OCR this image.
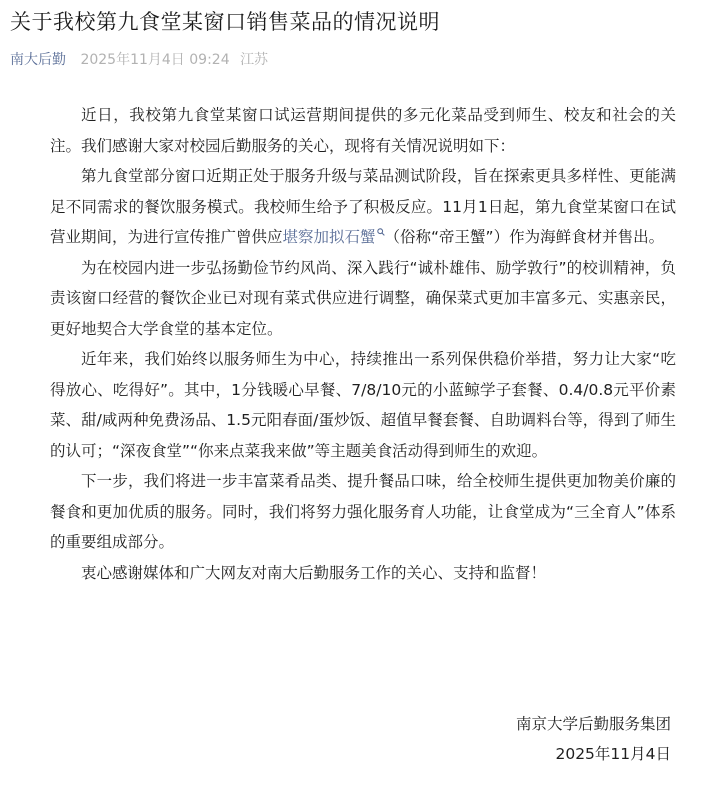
关于我校第九食堂某窗口销售菜品的情况说明
南大后勤 2025年11月4日 09:24 江苏

近日，我校第九食堂某窗口试运营期间提供的多元化菜品受到师生、校友和社会的关注。我们感谢大家对校园后勤服务的关心，现将有关情况说明如下：

第九食堂部分窗口近期正处于服务升级与菜品测试阶段，旨在探索更具多样性、更能满足不同需求的餐饮服务模式。我校师生给予了积极反应。11月1日起，第九食堂某窗口在试营业期间，为进行宣传推广曾供应堪察加拟石蟹 （俗称“帝王蟹”）作为海鲜食材并售出。

为在校园内进一步弘扬勤俭节约风尚、深入践行“诚朴雄伟、励学敦行”的校训精神，负责该窗口经营的餐饮企业已对现有菜式供应进行调整，确保菜式更加丰富多元、实惠亲民，更好地契合大学食堂的基本定位。

近年来，我们始终以服务师生为中心，持续推出一系列保供稳价举措，努力让大家“吃得放心、吃得好”。其中，1分钱暖心早餐、7/8/10元的小蓝鲸学子套餐、0.4/0.8元平价素菜、甜/咸两种免费汤品、1.5元阳春面/蛋炒饭、超值早餐套餐、自助调料台等，得到了师生的认可；“深夜食堂”“你来点菜我来做”等主题美食活动得到师生的欢迎。

下一步，我们将进一步丰富菜肴品类、提升餐品口味，给全校师生提供更加物美价廉的餐食和更加优质的服务。同时，我们将努力强化服务育人功能，让食堂成为“三全育人”体系的重要组成部分。

衷心感谢媒体和广大网友对南大后勤服务工作的关心、支持和监督！

南京大学后勤服务集团
2025年11月4日
